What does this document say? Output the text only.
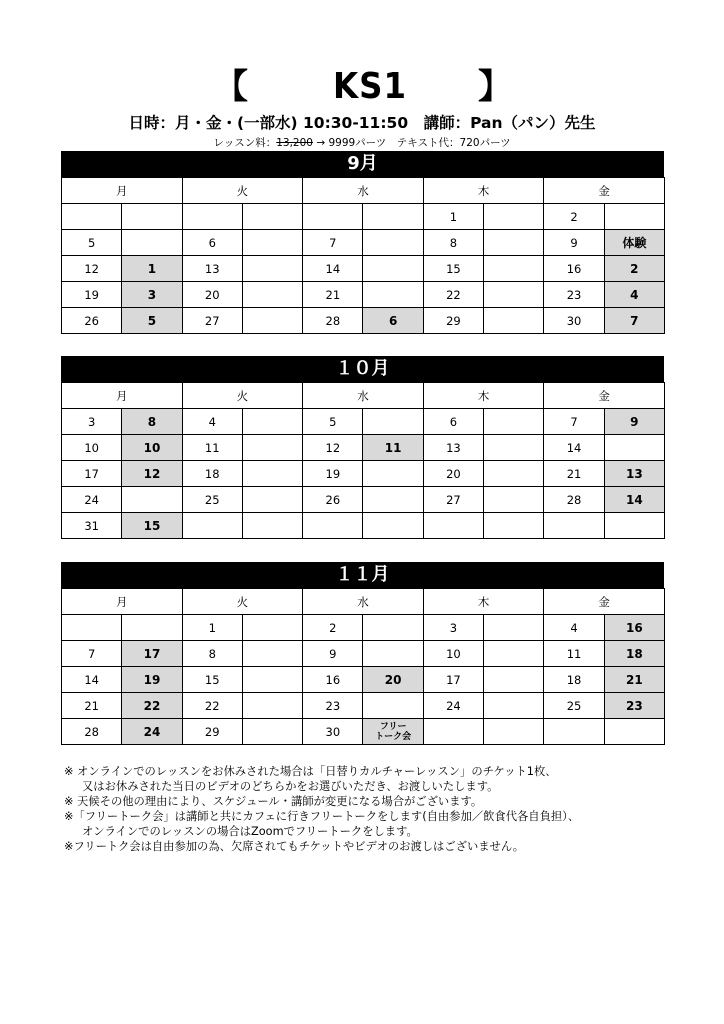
【	KS1	】
日時：月・金・(一部水) 10:30-11:50　講師：Pan（パン）先生
レッスン料：13,200 → 9999パーツ　テキスト代：720パーツ
9月
月		火		水		木		金	
						1		2	
5		6		7		8		9	体験
12	1	13		14		15		16	2
19	3	20		21		22		23	4
26	5	27		28	6	29		30	7
１０月
月		火		水		木		金	
3	8	4		5		6		7	9
10	10	11		12	11	13		14	
17	12	18		19		20		21	13
24		25		26		27		28	14
31	15								
１１月
月		火		水		木		金	
		1		2		3		4	16
7	17	8		9		10		11	18
14	19	15		16	20	17		18	21
21	22	22		23		24		25	23
28	24	29		30	フリー
トーク会				
※ オンラインでのレッスンをお休みされた場合は「日替りカルチャーレッスン」のチケット1枚、
又はお休みされた当日のビデオのどちらかをお選びいただき、お渡しいたします。
※ 天候その他の理由により、スケジュール・講師が変更になる場合がございます。
※「フリートーク会」は講師と共にカフェに行きフリートークをします(自由参加／飲食代各自負担）、
オンラインでのレッスンの場合はZoomでフリートークをします。
※フリートク会は自由参加の為、欠席されてもチケットやビデオのお渡しはございません。
